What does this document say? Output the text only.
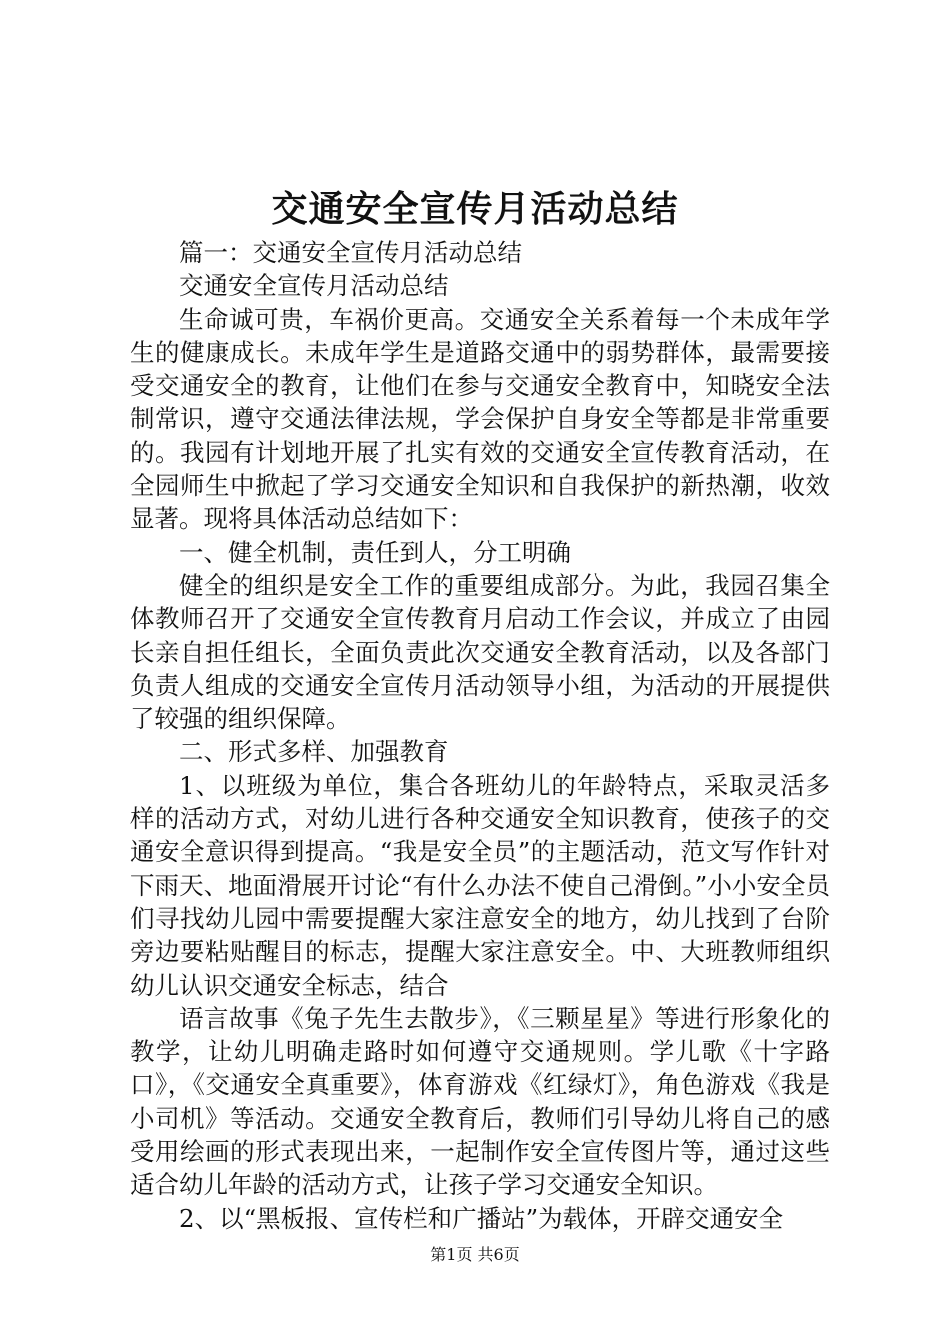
交通安全宣传月活动总结

篇一：交通安全宣传月活动总结

交通安全宣传月活动总结

生命诚可贵，车祸价更高。交通安全关系着每一个未成年学生的健康成长。未成年学生是道路交通中的弱势群体，最需要接受交通安全的教育，让他们在参与交通安全教育中，知晓安全法制常识，遵守交通法律法规，学会保护自身安全等都是非常重要的。我园有计划地开展了扎实有效的交通安全宣传教育活动，在全园师生中掀起了学习交通安全知识和自我保护的新热潮，收效显著。现将具体活动总结如下：

一、健全机制，责任到人，分工明确

健全的组织是安全工作的重要组成部分。为此，我园召集全体教师召开了交通安全宣传教育月启动工作会议，并成立了由园长亲自担任组长，全面负责此次交通安全教育活动，以及各部门负责人组成的交通安全宣传月活动领导小组，为活动的开展提供了较强的组织保障。

二、形式多样、加强教育

1、以班级为单位，集合各班幼儿的年龄特点，采取灵活多样的活动方式，对幼儿进行各种交通安全知识教育，使孩子的交通安全意识得到提高。“我是安全员”的主题活动，范文写作针对下雨天、地面滑展开讨论“有什么办法不使自己滑倒。”小小安全员们寻找幼儿园中需要提醒大家注意安全的地方，幼儿找到了台阶旁边要粘贴醒目的标志，提醒大家注意安全。中、大班教师组织幼儿认识交通安全标志，结合

语言故事《兔子先生去散步》，《三颗星星》等进行形象化的教学，让幼儿明确走路时如何遵守交通规则。学儿歌《十字路口》，《交通安全真重要》，体育游戏《红绿灯》，角色游戏《我是小司机》等活动。交通安全教育后，教师们引导幼儿将自己的感受用绘画的形式表现出来，一起制作安全宣传图片等，通过这些适合幼儿年龄的活动方式，让孩子学习交通安全知识。

2、以“黑板报、宣传栏和广播站”为载体，开辟交通安全

第1页 共6页
